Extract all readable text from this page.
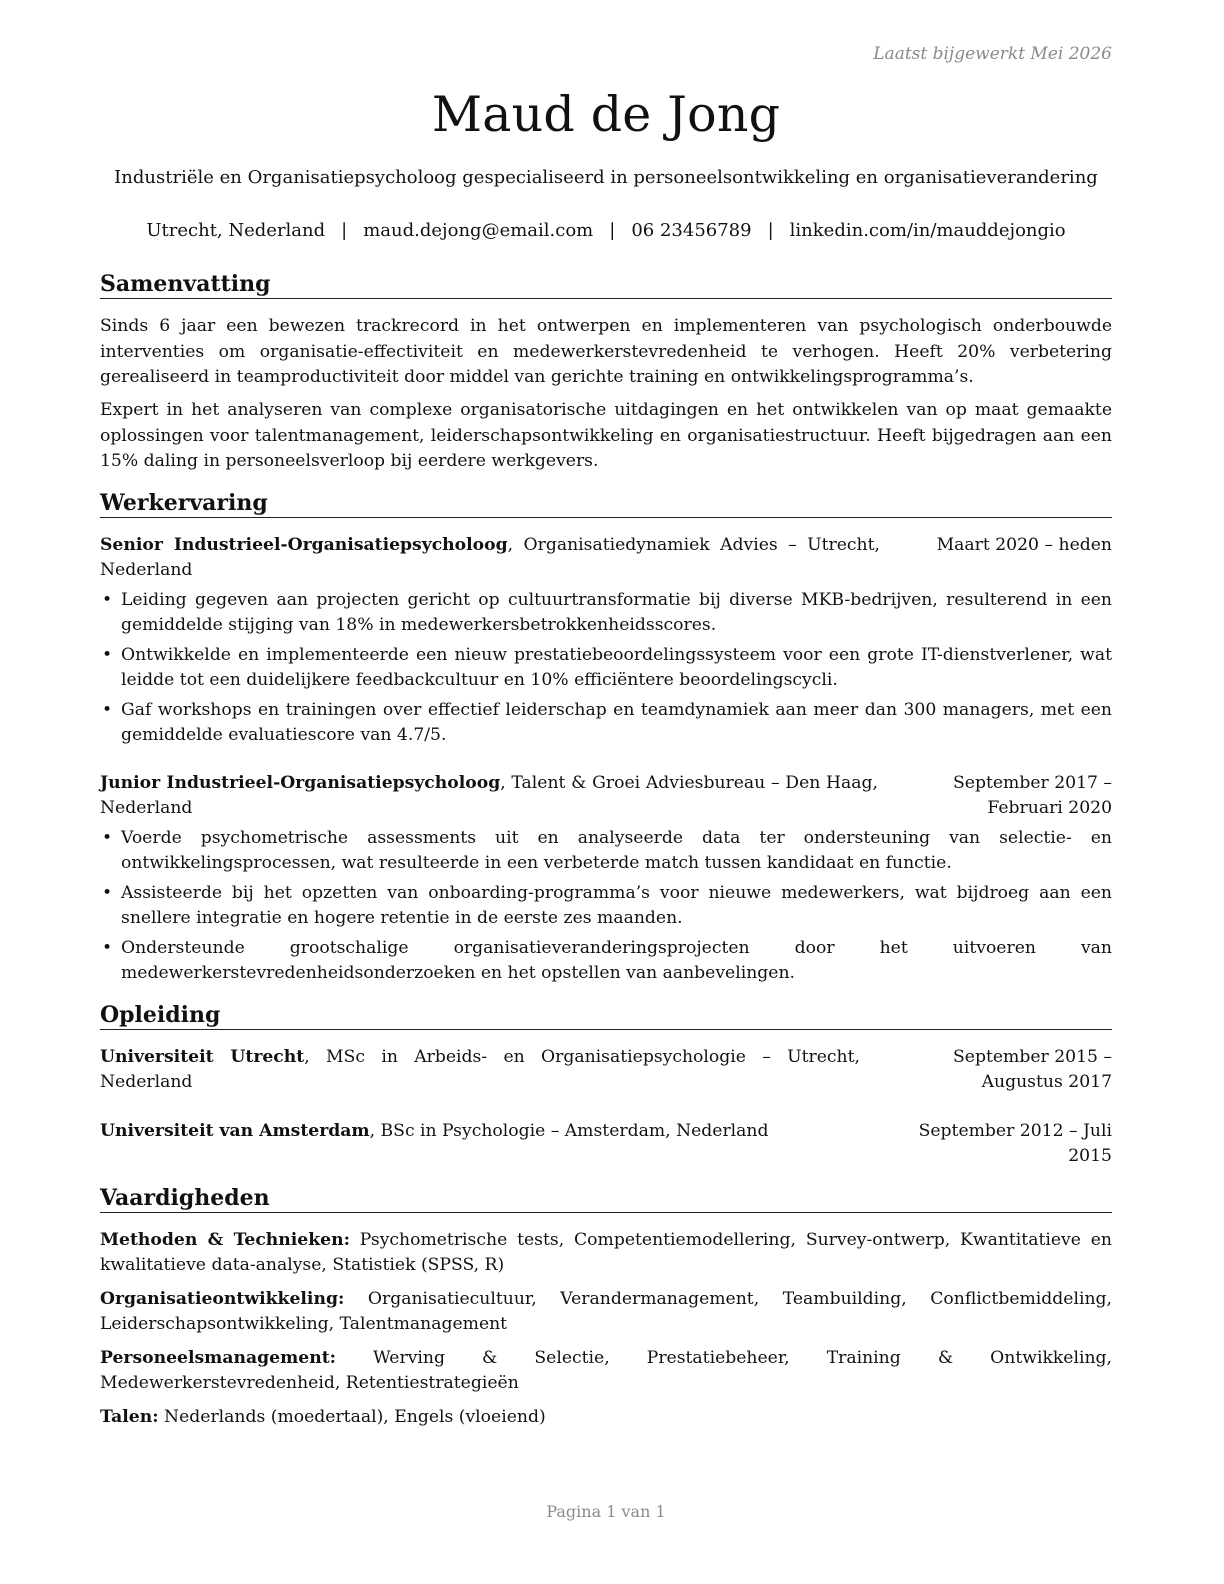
Laatst bijgewerkt Mei 2026
Maud de Jong
Industriële en Organisatiepsycholoog gespecialiseerd in personeelsontwikkeling en organisatieverandering
Utrecht, Nederland | maud.dejong@email.com | 06 23456789 | linkedin.com/in/mauddejongio
Samenvatting
Sinds 6 jaar een bewezen trackrecord in het ontwerpen en implementeren van psychologisch onderbouwde interventies om organisatie-effectiviteit en medewerkerstevredenheid te verhogen. Heeft 20% verbetering gerealiseerd in teamproductiviteit door middel van gerichte training en ontwikkelingsprogramma’s.
Expert in het analyseren van complexe organisatorische uitdagingen en het ontwikkelen van op maat gemaakte oplossingen voor talentmanagement, leiderschapsontwikkeling en organisatiestructuur. Heeft bijgedragen aan een 15% daling in personeelsverloop bij eerdere werkgevers.
Werkervaring
Senior Industrieel-Organisatiepsycholoog, Organisatiedynamiek Advies – Utrecht, Nederland
Maart 2020 – heden
• Leiding gegeven aan projecten gericht op cultuurtransformatie bij diverse MKB-bedrijven, resulterend in een gemiddelde stijging van 18% in medewerkersbetrokkenheidsscores.
• Ontwikkelde en implementeerde een nieuw prestatiebeoordelingssysteem voor een grote IT-dienstverlener, wat leidde tot een duidelijkere feedbackcultuur en 10% efficiëntere beoordelingscycli.
• Gaf workshops en trainingen over effectief leiderschap en teamdynamiek aan meer dan 300 managers, met een gemiddelde evaluatiescore van 4.7/5.
Junior Industrieel-Organisatiepsycholoog, Talent & Groei Adviesbureau – Den Haag, Nederland
September 2017 – Februari 2020
• Voerde psychometrische assessments uit en analyseerde data ter ondersteuning van selectie- en ontwikkelingsprocessen, wat resulteerde in een verbeterde match tussen kandidaat en functie.
• Assisteerde bij het opzetten van onboarding-programma’s voor nieuwe medewerkers, wat bijdroeg aan een snellere integratie en hogere retentie in de eerste zes maanden.
• Ondersteunde grootschalige organisatieveranderingsprojecten door het uitvoeren van medewerkerstevredenheidsonderzoeken en het opstellen van aanbevelingen.
Opleiding
Universiteit Utrecht, MSc in Arbeids- en Organisatiepsychologie – Utrecht, Nederland
September 2015 – Augustus 2017
Universiteit van Amsterdam, BSc in Psychologie – Amsterdam, Nederland	September 2012 – Juli 2015
Vaardigheden
Methoden & Technieken: Psychometrische tests, Competentiemodellering, Survey-ontwerp, Kwantitatieve en kwalitatieve data-analyse, Statistiek (SPSS, R)
Organisatieontwikkeling: Organisatiecultuur, Verandermanagement, Teambuilding, Conflictbemiddeling, Leiderschapsontwikkeling, Talentmanagement
Personeelsmanagement: Werving & Selectie, Prestatiebeheer, Training & Ontwikkeling, Medewerkerstevredenheid, Retentiestrategieën
Talen: Nederlands (moedertaal), Engels (vloeiend)
Pagina 1 van 1
